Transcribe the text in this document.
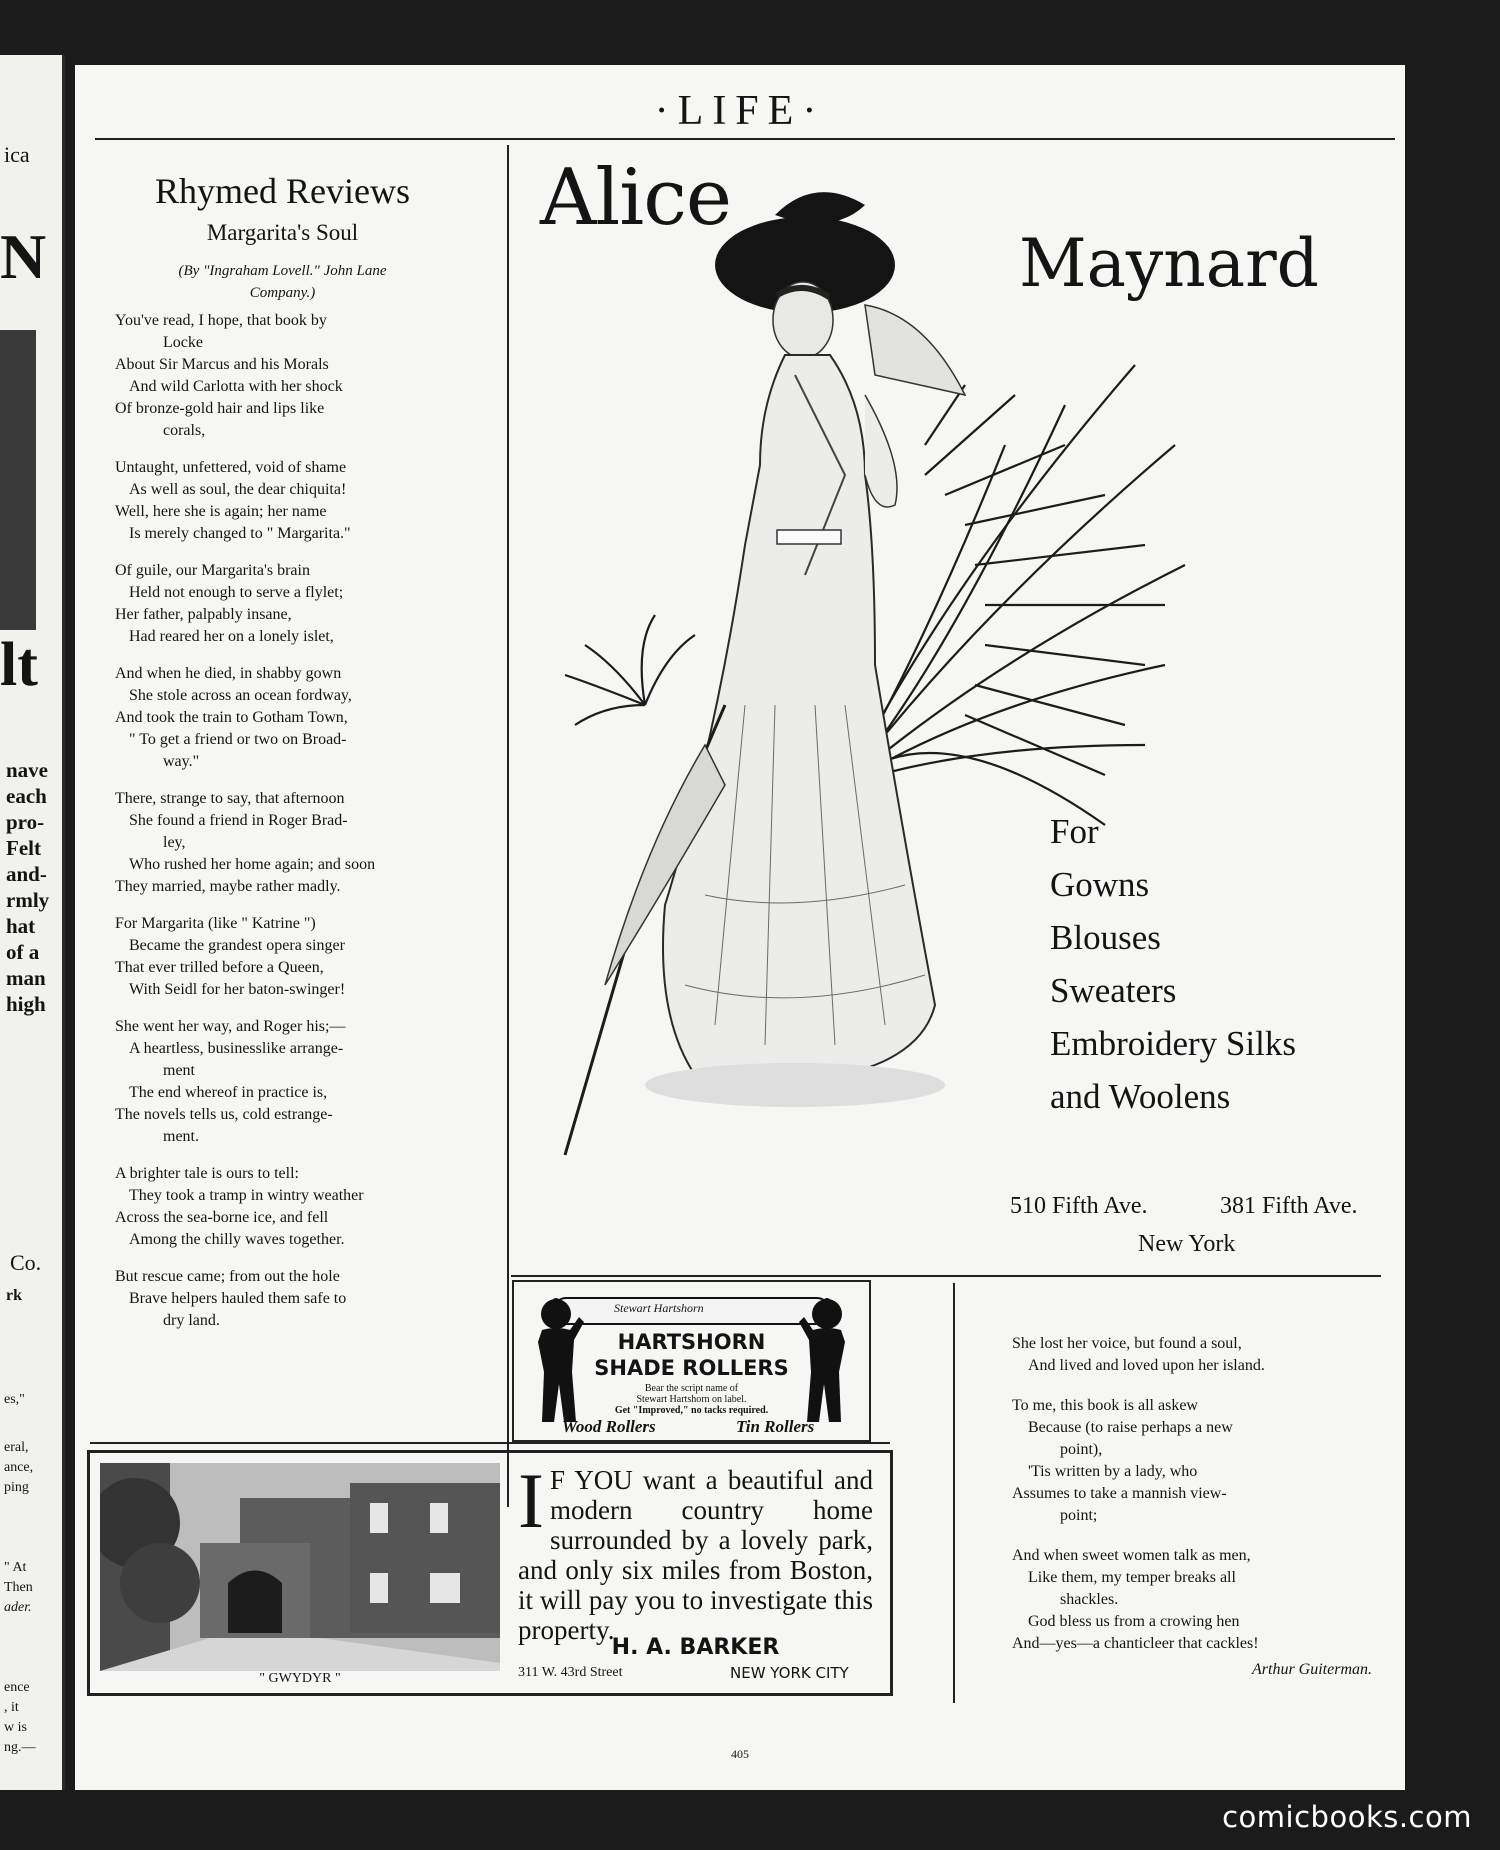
ica
N
lt
nave
each
pro-
Felt
and-
rmly
hat
of a
man
high
Co.
rk
es,"
eral,
ance,
ping
" At
Then
ader.
ence
, it
w is
ng.—
·LIFE·
Rhymed Reviews
Margarita's Soul
(By "Ingraham Lovell." John Lane
Company.)
You've read, I hope, that book by
Locke
About Sir Marcus and his Morals
And wild Carlotta with her shock
Of bronze-gold hair and lips like
corals,
Untaught, unfettered, void of shame
As well as soul, the dear chiquita!
Well, here she is again; her name
Is merely changed to " Margarita."
Of guile, our Margarita's brain
Held not enough to serve a flylet;
Her father, palpably insane,
Had reared her on a lonely islet,
And when he died, in shabby gown
She stole across an ocean fordway,
And took the train to Gotham Town,
" To get a friend or two on Broad-
way."
There, strange to say, that afternoon
She found a friend in Roger Brad-
ley,
Who rushed her home again; and soon
They married, maybe rather madly.
For Margarita (like " Katrine ")
Became the grandest opera singer
That ever trilled before a Queen,
With Seidl for her baton-swinger!
She went her way, and Roger his;—
A heartless, businesslike arrange-
ment
The end whereof in practice is,
The novels tells us, cold estrange-
ment.
A brighter tale is ours to tell:
They took a tramp in wintry weather
Across the sea-borne ice, and fell
Among the chilly waves together.
But rescue came; from out the hole
Brave helpers hauled them safe to
dry land.
Alice
Maynard
For
Gowns
Blouses
Sweaters
Embroidery Silks
and Woolens
510 Fifth Ave.	381 Fifth Ave.
New York
Stewart Hartshorn
HARTSHORN
SHADE ROLLERS
Bear the script name of
Stewart Hartshorn on label.
Get "Improved," no tacks required.
Wood Rollers	Tin Rollers
" GWYDYR "
I F YOU want a beautiful and modern country home surrounded by a lovely park, and only six miles from Boston, it will pay you to investigate this property.
H. A. BARKER
311 W. 43rd Street	NEW YORK CITY
She lost her voice, but found a soul,
And lived and loved upon her island.
To me, this book is all askew
Because (to raise perhaps a new
point),
'Tis written by a lady, who
Assumes to take a mannish view-
point;
And when sweet women talk as men,
Like them, my temper breaks all
shackles.
God bless us from a crowing hen
And—yes—a chanticleer that cackles!
Arthur Guiterman.
405
comicbooks.com
